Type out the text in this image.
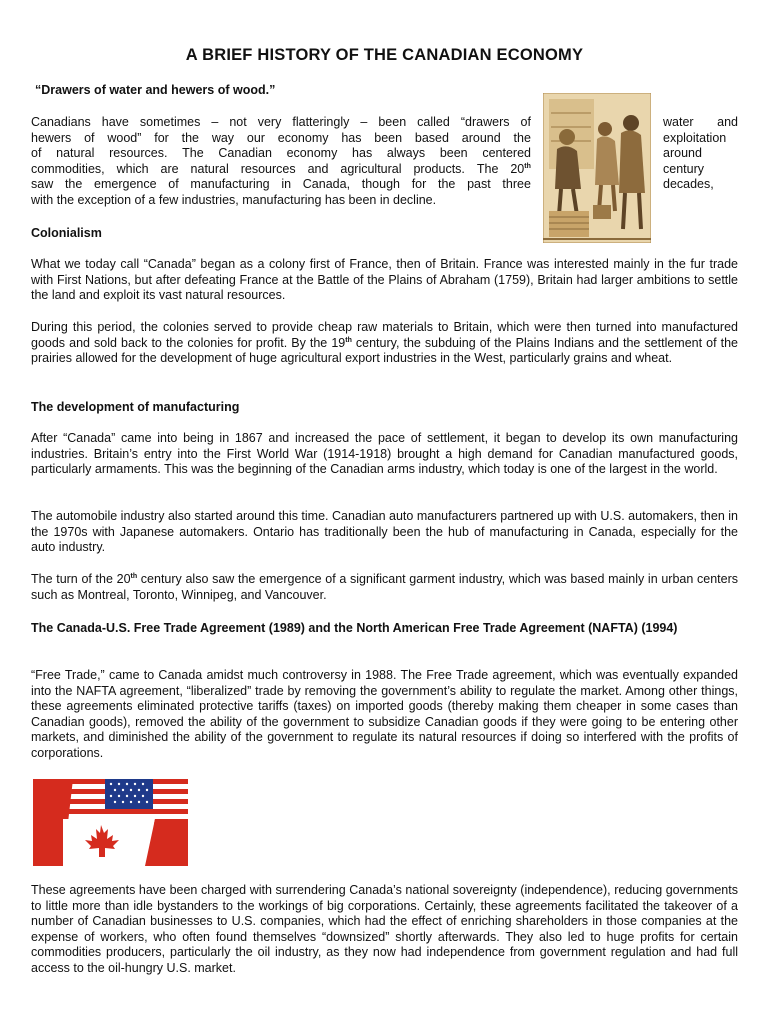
A BRIEF HISTORY OF THE CANADIAN ECONOMY

“Drawers of water and hewers of wood.”

Canadians have sometimes – not very flatteringly – been called “drawers of	water and
hewers of wood” for the way our economy has been based around the	exploitation
of natural resources. The Canadian economy has always been centered	around
commodities, which are natural resources and agricultural products. The 20th	century
saw the emergence of manufacturing in Canada, though for the past three	decades,
with the exception of a few industries, manufacturing has been in decline.

Colonialism

What we today call “Canada” began as a colony first of France, then of Britain. France was interested mainly in the fur trade with First Nations, but after defeating France at the Battle of the Plains of Abraham (1759), Britain had larger ambitions to settle the land and exploit its vast natural resources.

During this period, the colonies served to provide cheap raw materials to Britain, which were then turned into manufactured goods and sold back to the colonies for profit. By the 19th century, the subduing of the Plains Indians and the settlement of the prairies allowed for the development of huge agricultural export industries in the West, particularly grains and wheat.

The development of manufacturing

After “Canada” came into being in 1867 and increased the pace of settlement, it began to develop its own manufacturing industries. Britain’s entry into the First World War (1914-1918) brought a high demand for Canadian manufactured goods, particularly armaments. This was the beginning of the Canadian arms industry, which today is one of the largest in the world.

The automobile industry also started around this time. Canadian auto manufacturers partnered up with U.S. automakers, then in the 1970s with Japanese automakers. Ontario has traditionally been the hub of manufacturing in Canada, especially for the auto industry.

The turn of the 20th century also saw the emergence of a significant garment industry, which was based mainly in urban centers such as Montreal, Toronto, Winnipeg, and Vancouver.

The Canada-U.S. Free Trade Agreement (1989) and the North American Free Trade Agreement (NAFTA) (1994)

“Free Trade,” came to Canada amidst much controversy in 1988. The Free Trade agreement, which was eventually expanded into the NAFTA agreement, “liberalized” trade by removing the government’s ability to regulate the market. Among other things, these agreements eliminated protective tariffs (taxes) on imported goods (thereby making them cheaper in some cases than Canadian goods), removed the ability of the government to subsidize Canadian goods if they were going to be entering other markets, and diminished the ability of the government to regulate its natural resources if doing so interfered with the profits of corporations.

These agreements have been charged with surrendering Canada’s national sovereignty (independence), reducing governments to little more than idle bystanders to the workings of big corporations. Certainly, these agreements facilitated the takeover of a number of Canadian businesses to U.S. companies, which had the effect of enriching shareholders in those companies at the expense of workers, who often found themselves “downsized” shortly afterwards. They also led to huge profits for certain commodities producers, particularly the oil industry, as they now had independence from government regulation and had full access to the oil-hungry U.S. market.
